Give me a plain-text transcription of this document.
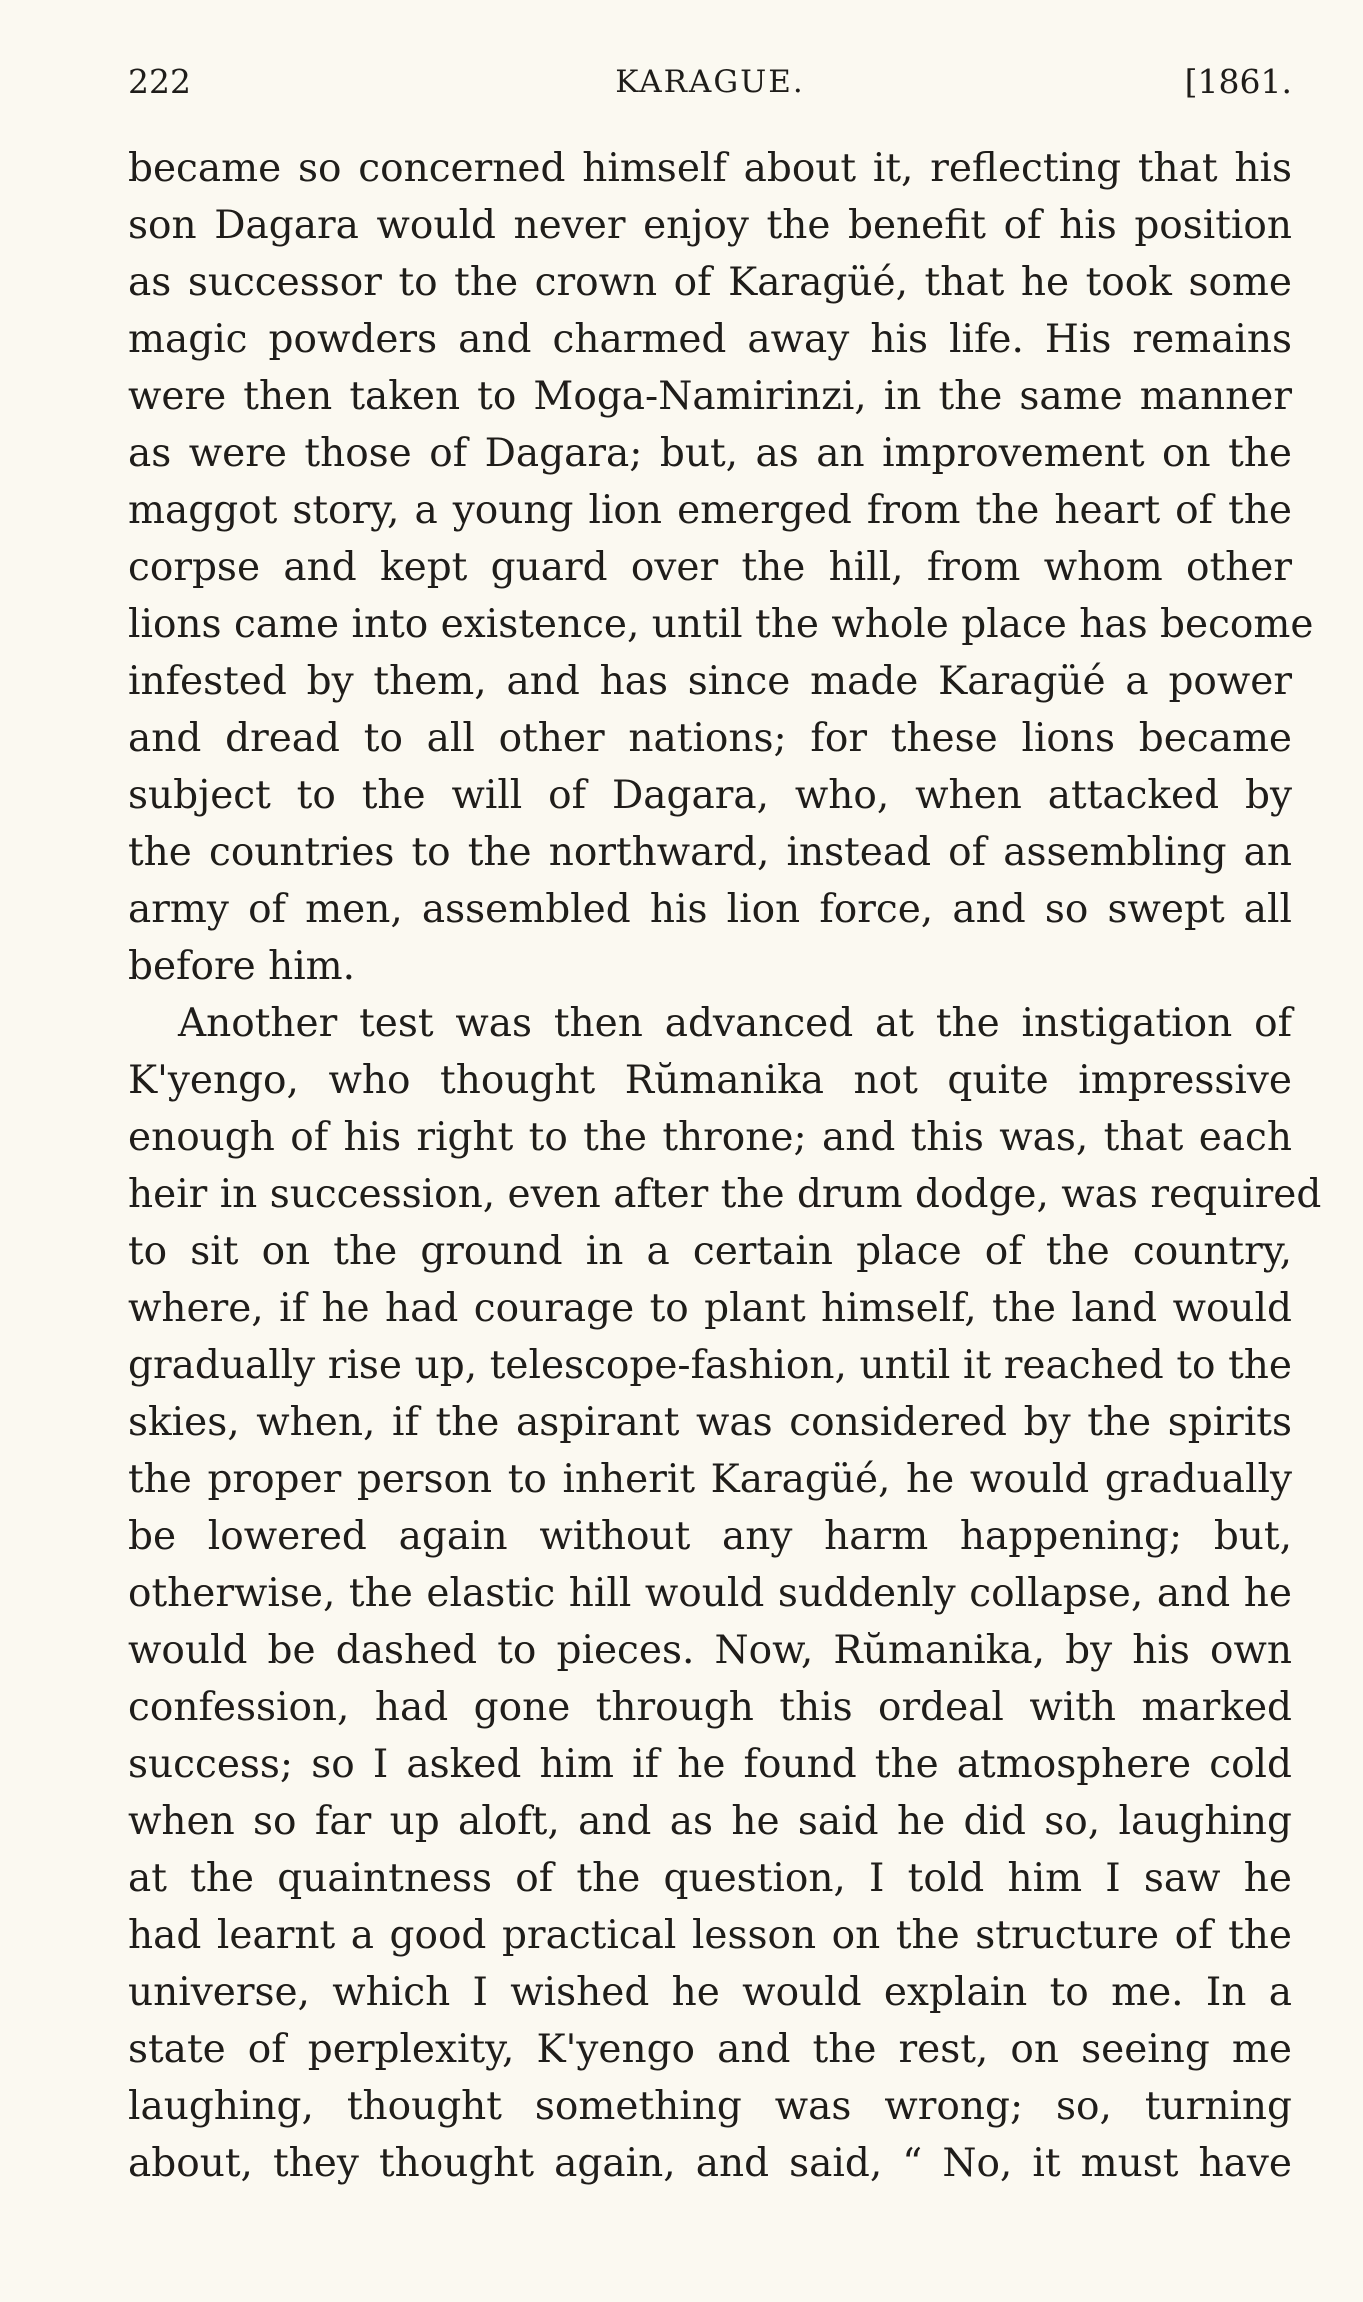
222	KARAGUE.	[1861.
became so concerned himself about it, reflecting that his
son Dagara would never enjoy the benefit of his position
as successor to the crown of Karagüé, that he took some
magic powders and charmed away his life. His remains
were then taken to Moga-Namirinzi, in the same manner
as were those of Dagara; but, as an improvement on the
maggot story, a young lion emerged from the heart of the
corpse and kept guard over the hill, from whom other
lions came into existence, until the whole place has become
infested by them, and has since made Karagüé a power
and dread to all other nations; for these lions became
subject to the will of Dagara, who, when attacked by
the countries to the northward, instead of assembling an
army of men, assembled his lion force, and so swept all
before him.
Another test was then advanced at the instigation of
K'yengo, who thought Rŭmanika not quite impressive
enough of his right to the throne; and this was, that each
heir in succession, even after the drum dodge, was required
to sit on the ground in a certain place of the country,
where, if he had courage to plant himself, the land would
gradually rise up, telescope-fashion, until it reached to the
skies, when, if the aspirant was considered by the spirits
the proper person to inherit Karagüé, he would gradually
be lowered again without any harm happening; but,
otherwise, the elastic hill would suddenly collapse, and he
would be dashed to pieces. Now, Rŭmanika, by his own
confession, had gone through this ordeal with marked
success; so I asked him if he found the atmosphere cold
when so far up aloft, and as he said he did so, laughing
at the quaintness of the question, I told him I saw he
had learnt a good practical lesson on the structure of the
universe, which I wished he would explain to me. In a
state of perplexity, K'yengo and the rest, on seeing me
laughing, thought something was wrong; so, turning
about, they thought again, and said, “ No, it must have
